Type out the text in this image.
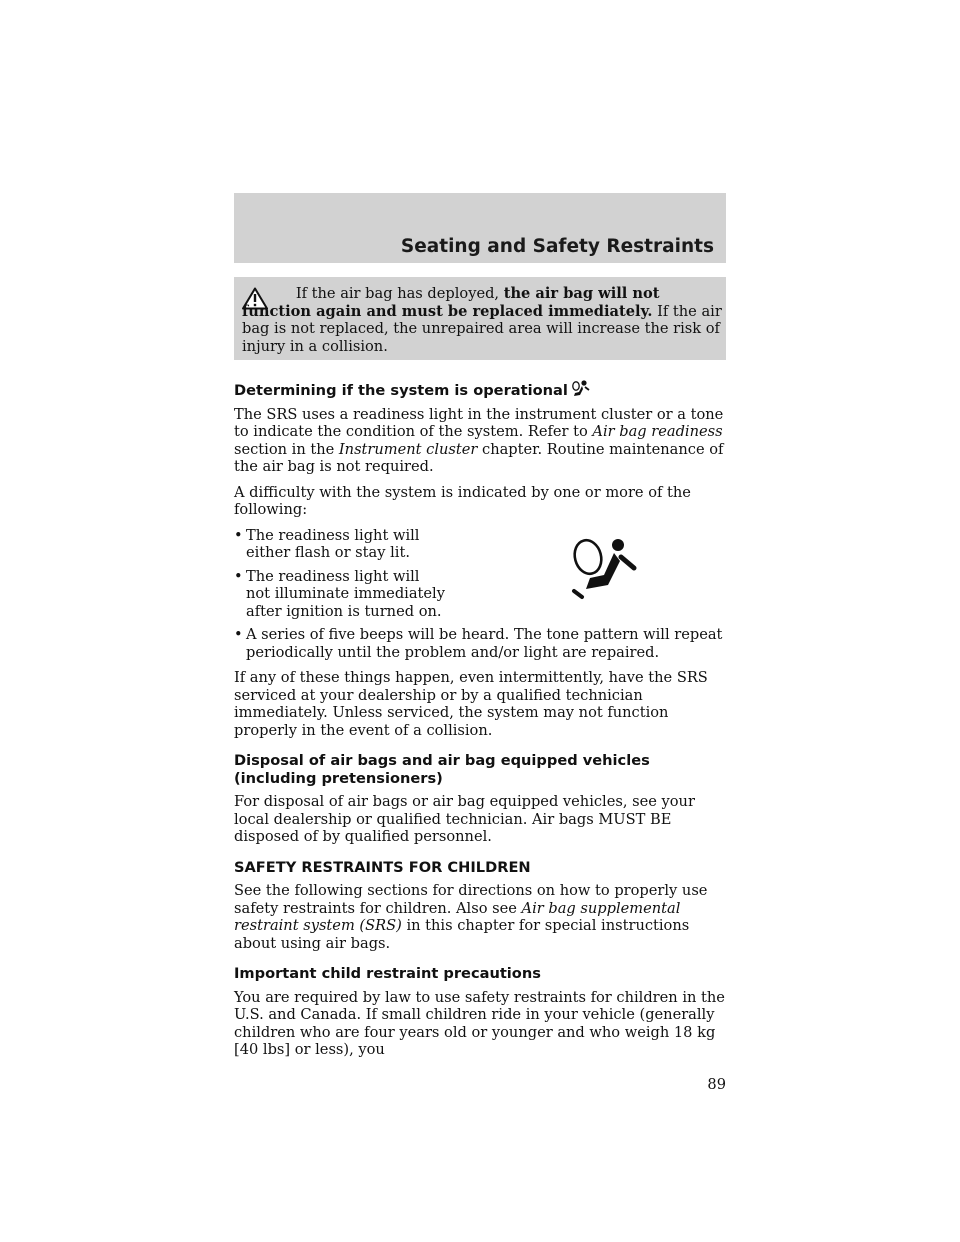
Seating and Safety Restraints
If the air bag has deployed, the air bag will not function again and must be replaced immediately. If the air bag is not replaced, the unrepaired area will increase the risk of injury in a collision.
Determining if the system is operational

The SRS uses a readiness light in the instrument cluster or a tone to indicate the condition of the system. Refer to Air bag readiness section in the Instrument cluster chapter. Routine maintenance of the air bag is not required.

A difficulty with the system is indicated by one or more of the following:

• The readiness light will either flash or stay lit.
• The readiness light will not illuminate immediately after ignition is turned on.
• A series of five beeps will be heard. The tone pattern will repeat periodically until the problem and/or light are repaired.

If any of these things happen, even intermittently, have the SRS serviced at your dealership or by a qualified technician immediately. Unless serviced, the system may not function properly in the event of a collision.

Disposal of air bags and air bag equipped vehicles (including pretensioners)

For disposal of air bags or air bag equipped vehicles, see your local dealership or qualified technician. Air bags MUST BE disposed of by qualified personnel.

SAFETY RESTRAINTS FOR CHILDREN

See the following sections for directions on how to properly use safety restraints for children. Also see Air bag supplemental restraint system (SRS) in this chapter for special instructions about using air bags.

Important child restraint precautions

You are required by law to use safety restraints for children in the U.S. and Canada. If small children ride in your vehicle (generally children who are four years old or younger and who weigh 18 kg [40 lbs] or less), you

89
